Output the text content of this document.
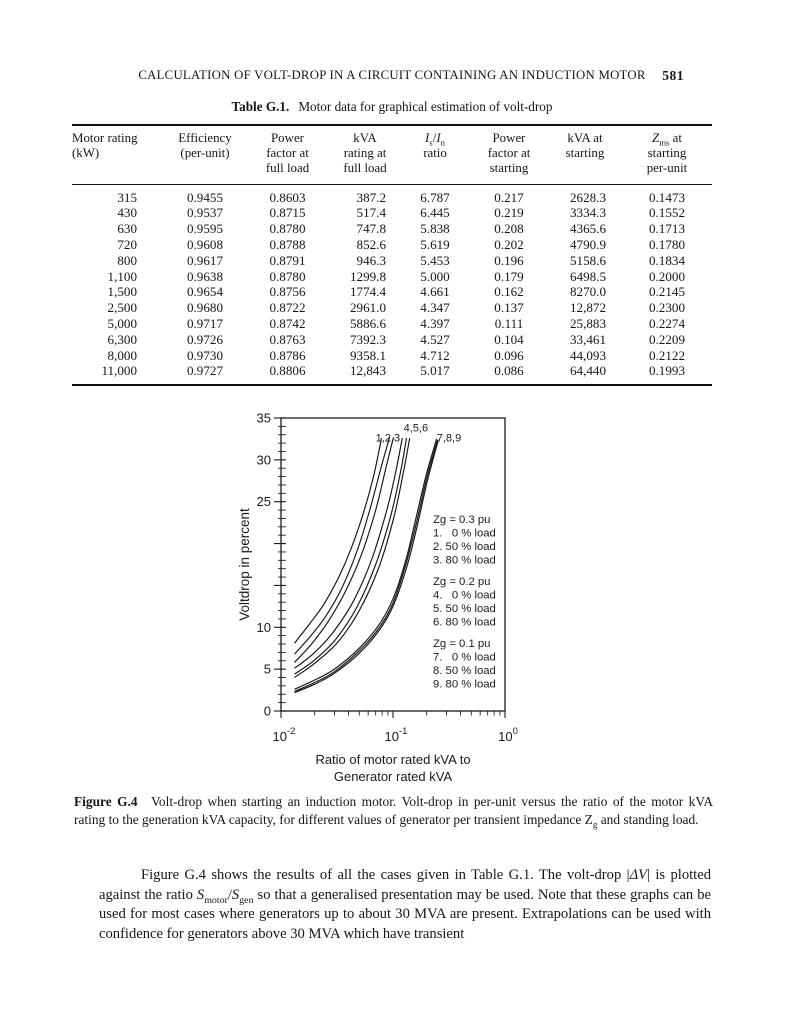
CALCULATION OF VOLT-DROP IN A CIRCUIT CONTAINING AN INDUCTION MOTOR 581
Table G.1. Motor data for graphical estimation of volt-drop
Motor rating
(kW)

Efficiency
(per-unit)

Power
factor at
full load

kVA
rating at
full load

$I_s/I_n$
ratio

Power
factor at
starting

kVA at
starting

$Z_{ms}$ at
starting
per-unit

315	0.9455	0.8603	387.2	6.787	0.217	2628.3	0.1473
430	0.9537	0.8715	517.4	6.445	0.219	3334.3	0.1552
630	0.9595	0.8780	747.8	5.838	0.208	4365.6	0.1713
720	0.9608	0.8788	852.6	5.619	0.202	4790.9	0.1780
800	0.9617	0.8791	946.3	5.453	0.196	5158.6	0.1834
1,100	0.9638	0.8780	1299.8	5.000	0.179	6498.5	0.2000
1,500	0.9654	0.8756	1774.4	4.661	0.162	8270.0	0.2145
2,500	0.9680	0.8722	2961.0	4.347	0.137	12,872	0.2300
5,000	0.9717	0.8742	5886.6	4.397	0.111	25,883	0.2274
6,300	0.9726	0.8763	7392.3	4.527	0.104	33,461	0.2209
8,000	0.9730	0.8786	9358.1	4.712	0.096	44,093	0.2122
11,000	0.9727	0.8806	12,843	5.017	0.086	64,440	0.1993
0
5
10
25
30
35
Voltdrop in percent
$10^{-2}$	$10^{-1}$	$10^0$
Ratio of motor rated kVA to
Generator rated kVA
1,2,3
4,5,6
7,8,9
Zg = 0.3 pu
1.   0 % load
2. 50 % load
3. 80 % load
Zg = 0.2 pu
4.   0 % load
5. 50 % load
6. 80 % load
Zg = 0.1 pu
7.   0 % load
8. 50 % load
9. 80 % load

Figure G.4 Volt-drop when starting an induction motor. Volt-drop in per-unit versus the ratio of the motor kVA rating to the generation kVA capacity, for different values of generator per transient impedance $Z_g$ and standing load.

Figure G.4 shows the results of all the cases given in Table G.1. The volt-drop |ΔV| is plotted against the ratio $S_{motor}/S_{gen}$ so that a generalised presentation may be used. Note that these graphs can be used for most cases where generators up to about 30 MVA are present. Extrapolations can be used with confidence for generators above 30 MVA which have transient
